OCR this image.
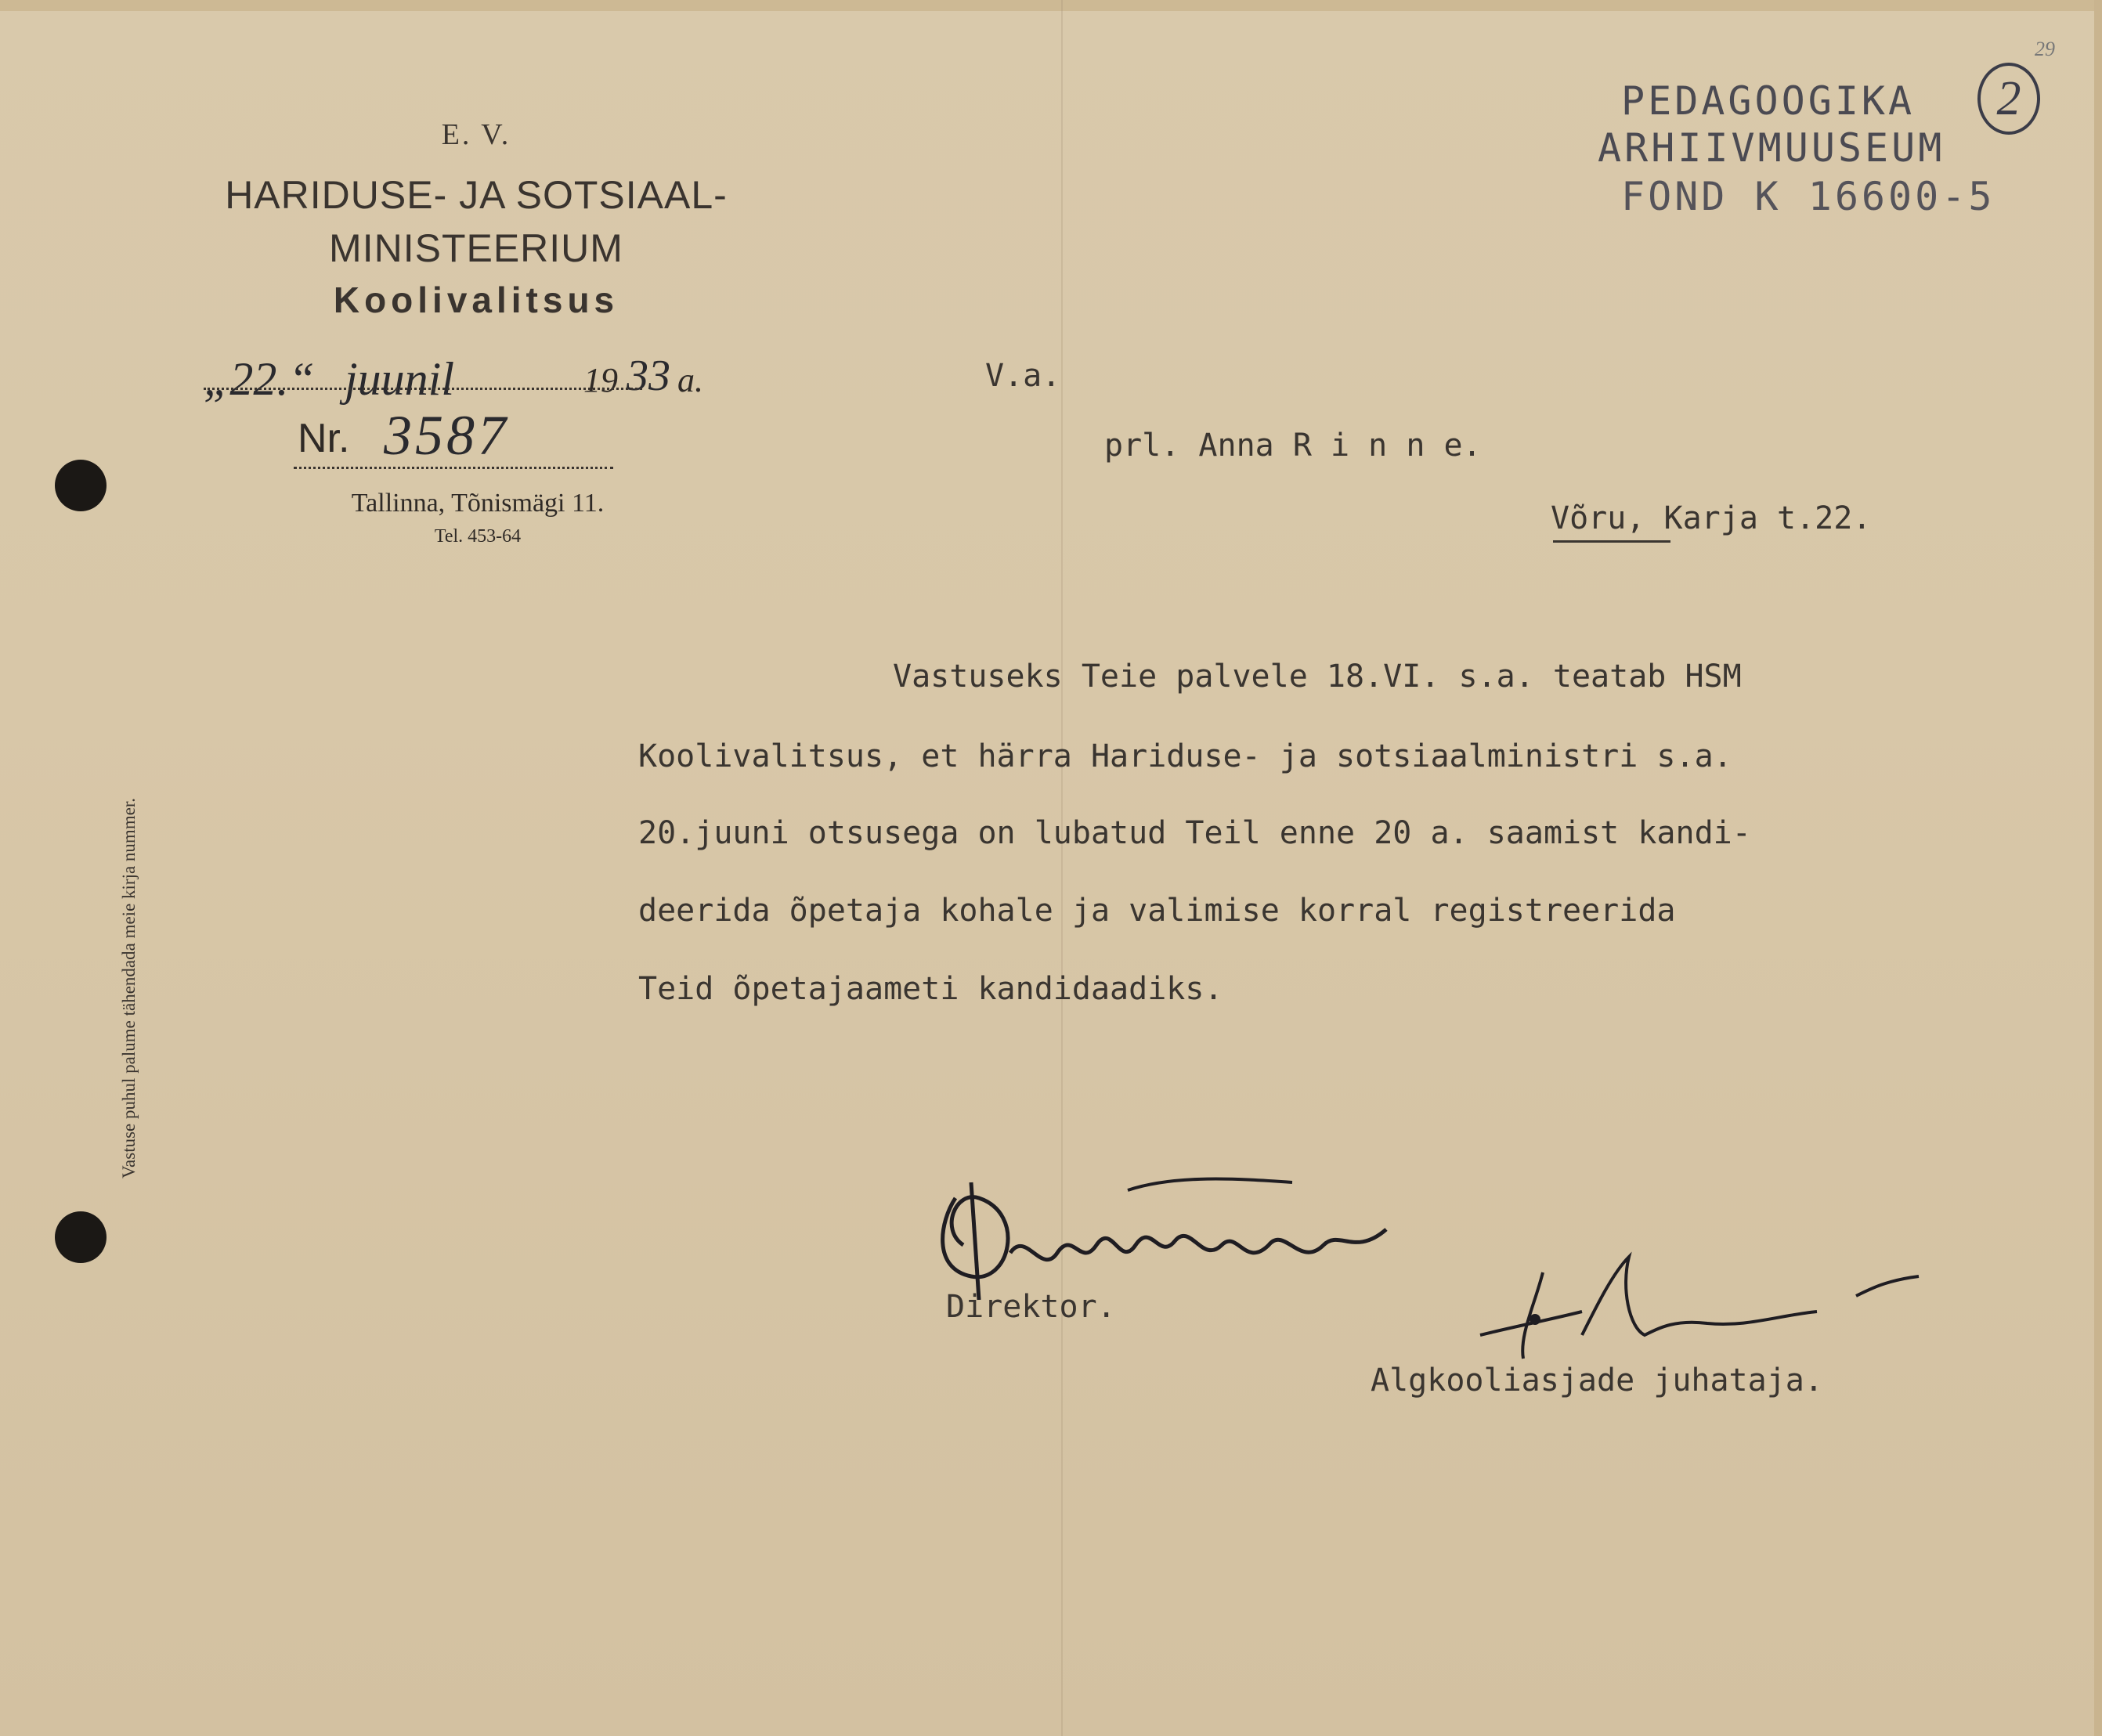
E. V.
HARIDUSE- JA SOTSIAAL-
MINISTEERIUM
Koolivalitsus
„22.“ juunil	19 33 a.
Nr. 3587
Tallinna, Tõnismägi 11.
Tel. 453-64
Vastuse puhul palume tähendada meie kirja nummer.
PEDAGOOGIKA
ARHIIVMUUSEUM
FOND K 16600-5
2
29
V.a.
prl. Anna R i n n e.
Võru, Karja t.22.
Vastuseks Teie palvele 18.VI. s.a. teatab HSM
Koolivalitsus, et härra Hariduse- ja sotsiaalministri s.a.
20.juuni otsusega on lubatud Teil enne 20 a. saamist kandi-
deerida õpetaja kohale ja valimise korral registreerida
Teid õpetajaameti kandidaadiks.
Direktor.
Algkooliasjade juhataja.
